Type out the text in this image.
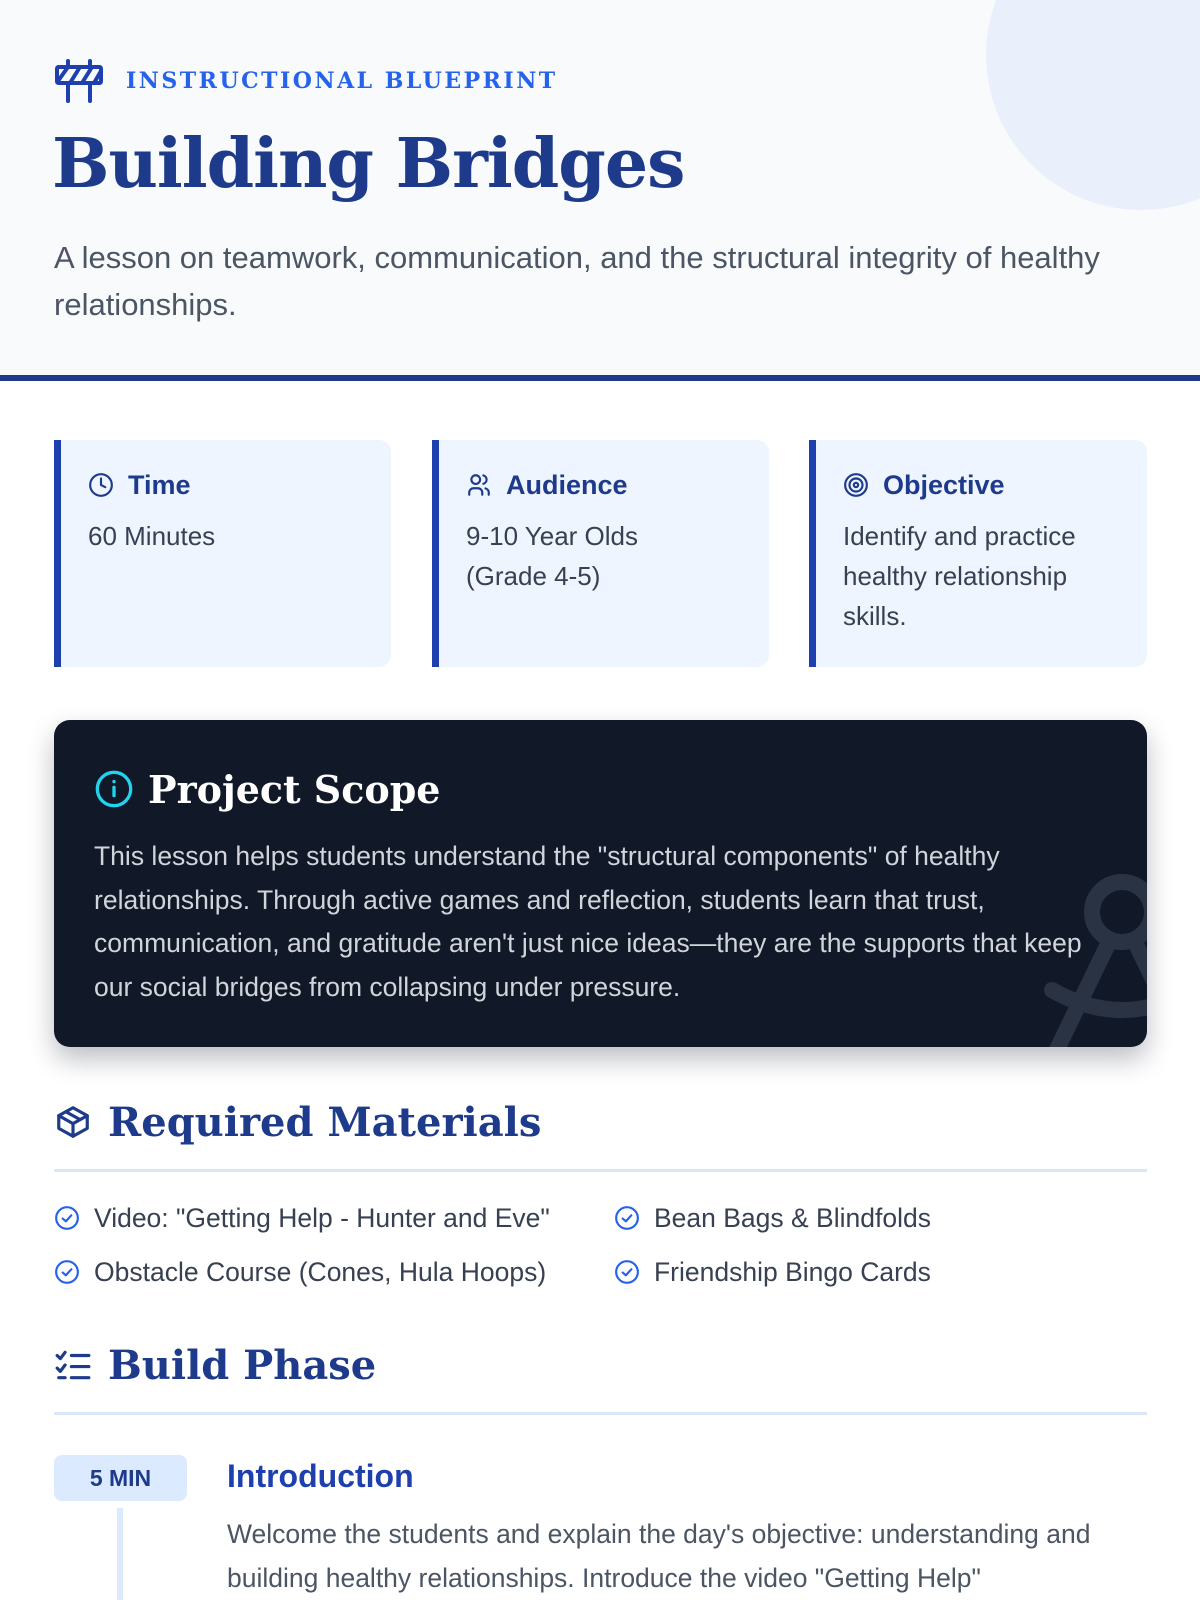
INSTRUCTIONAL BLUEPRINT
Building Bridges

A lesson on teamwork, communication, and the structural integrity of healthy relationships.

Time
60 Minutes
Audience
9-10 Year Olds (Grade 4-5)
Objective
Identify and practice healthy relationship skills.
Project Scope

This lesson helps students understand the "structural components" of healthy relationships. Through active games and reflection, students learn that trust, communication, and gratitude aren't just nice ideas—they are the supports that keep our social bridges from collapsing under pressure.

Required Materials
Video: "Getting Help - Hunter and Eve"	Bean Bags & Blindfolds
Obstacle Course (Cones, Hula Hoops)	Friendship Bingo Cards
Build Phase
5 MIN	Introduction

Welcome the students and explain the day's objective: understanding and building healthy relationships. Introduce the video "Getting Help"
